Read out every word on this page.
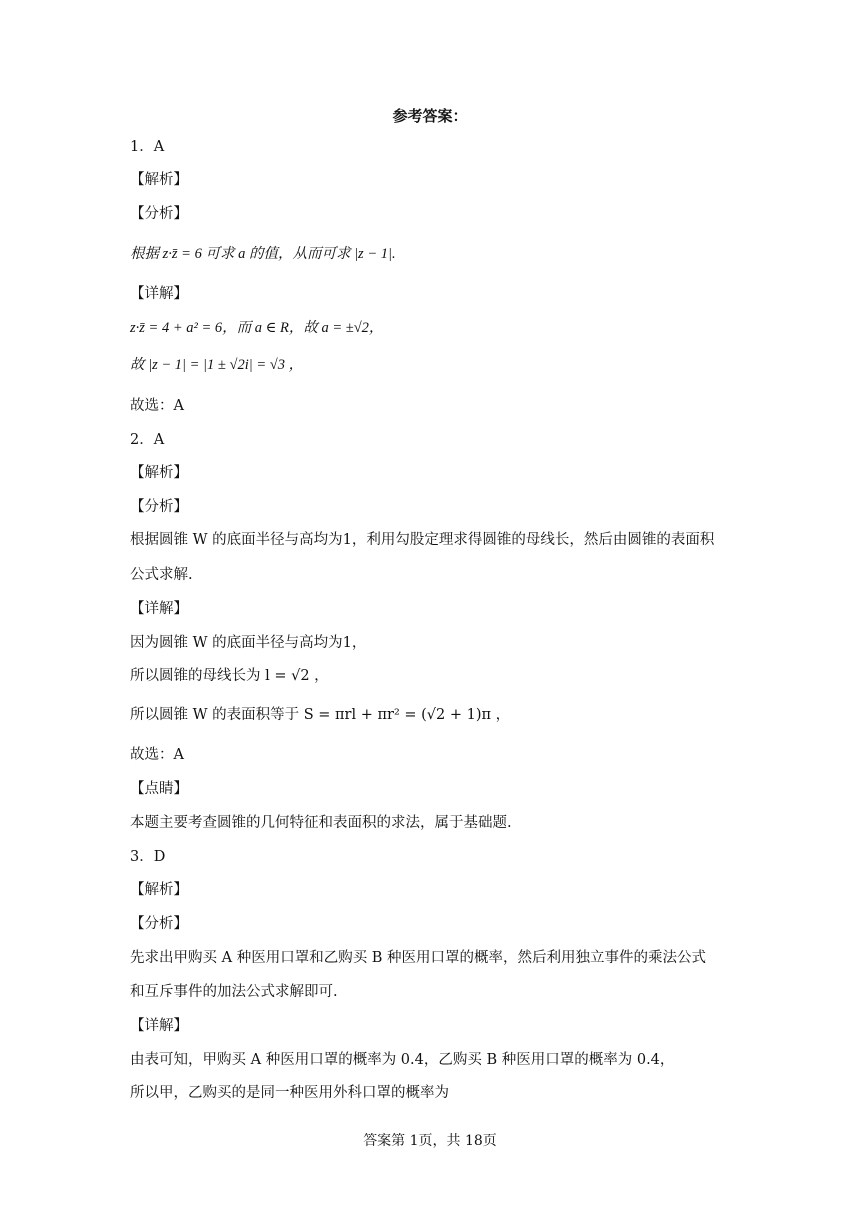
参考答案：
1．A
【解析】
【分析】
根据 z·z̄ = 6 可求 a 的值，从而可求 |z − 1|.
【详解】
z·z̄ = 4 + a² = 6，而 a ∈ R，故 a = ±√2，
故 |z − 1| = |1 ± √2i| = √3 ，
故选：A
2．A
【解析】
【分析】
根据圆锥 W 的底面半径与高均为1，利用勾股定理求得圆锥的母线长，然后由圆锥的表面积
公式求解.
【详解】
因为圆锥 W 的底面半径与高均为1，
所以圆锥的母线长为 l = √2 ，
所以圆锥 W 的表面积等于 S = πrl + πr² = (√2 + 1)π ，
故选：A
【点睛】
本题主要考查圆锥的几何特征和表面积的求法，属于基础题.
3．D
【解析】
【分析】
先求出甲购买 A 种医用口罩和乙购买 B 种医用口罩的概率，然后利用独立事件的乘法公式
和互斥事件的加法公式求解即可.
【详解】
由表可知，甲购买 A 种医用口罩的概率为 0.4，乙购买 B 种医用口罩的概率为 0.4，
所以甲，乙购买的是同一种医用外科口罩的概率为
答案第 1页，共 18页
